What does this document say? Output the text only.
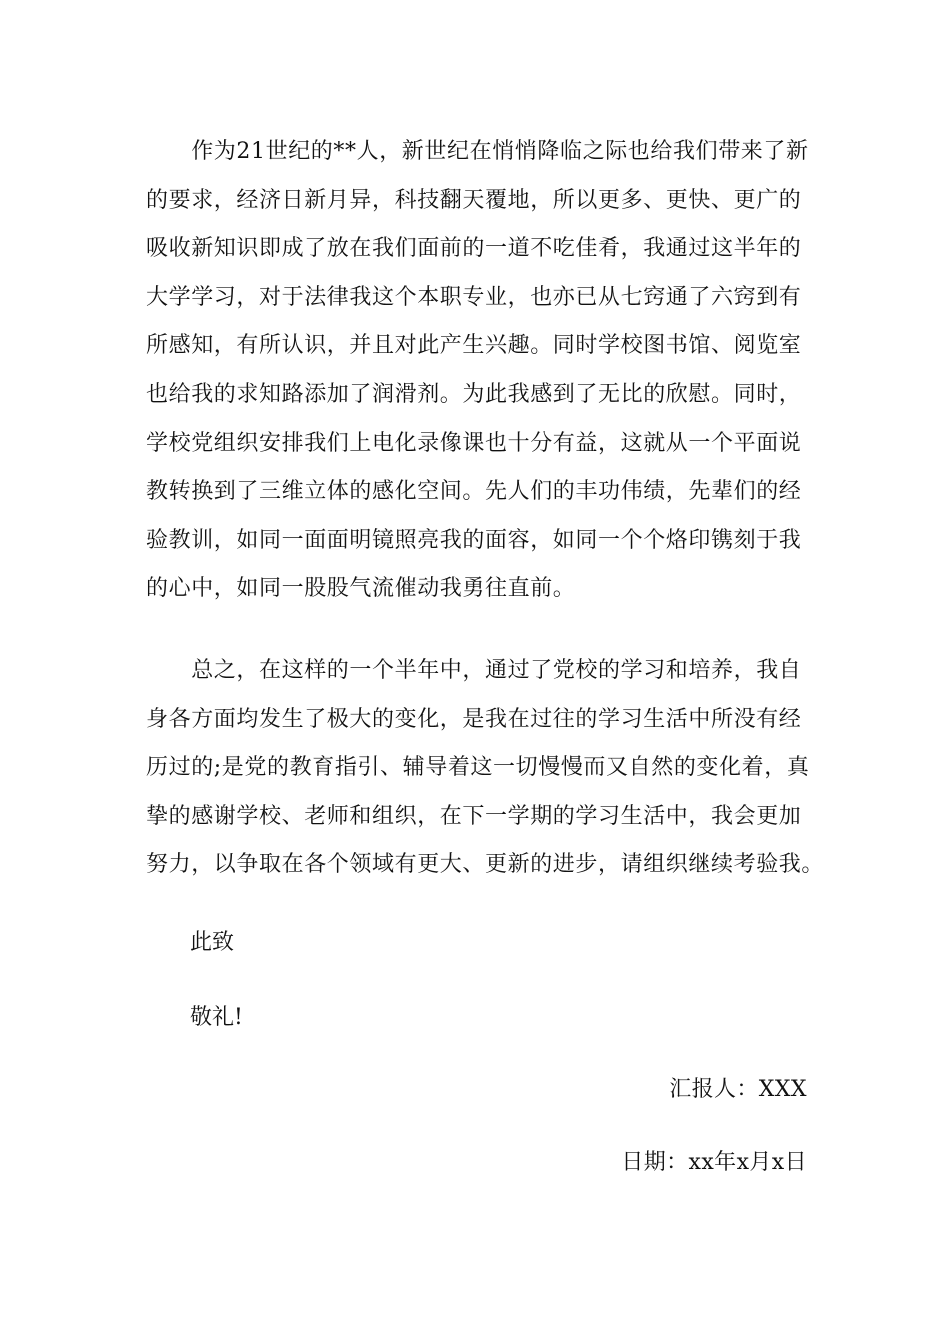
　　作为21世纪的**人，新世纪在悄悄降临之际也给我们带来了新
的要求，经济日新月异，科技翻天覆地，所以更多、更快、更广的
吸收新知识即成了放在我们面前的一道不吃佳肴，我通过这半年的
大学学习，对于法律我这个本职专业，也亦已从七窍通了六窍到有
所感知，有所认识，并且对此产生兴趣。同时学校图书馆、阅览室
也给我的求知路添加了润滑剂。为此我感到了无比的欣慰。同时，
学校党组织安排我们上电化录像课也十分有益，这就从一个平面说
教转换到了三维立体的感化空间。先人们的丰功伟绩，先辈们的经
验教训，如同一面面明镜照亮我的面容，如同一个个烙印镌刻于我
的心中，如同一股股气流催动我勇往直前。

　　总之，在这样的一个半年中，通过了党校的学习和培养，我自
身各方面均发生了极大的变化，是我在过往的学习生活中所没有经
历过的;是党的教育指引、辅导着这一切慢慢而又自然的变化着，真
挚的感谢学校、老师和组织，在下一学期的学习生活中，我会更加
努力，以争取在各个领域有更大、更新的进步，请组织继续考验我。

此致

敬礼!

汇报人：XXX

日期：xx年x月x日
